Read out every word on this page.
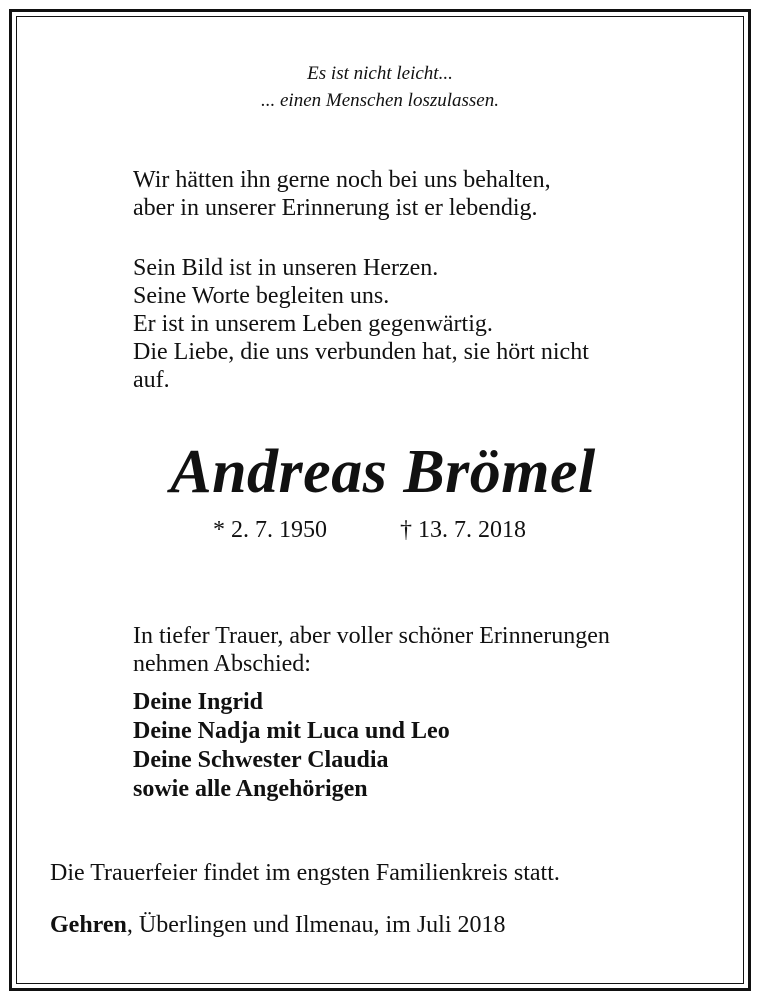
Es ist nicht leicht...
... einen Menschen loszulassen.
Wir hätten ihn gerne noch bei uns behalten,
aber in unserer Erinnerung ist er lebendig.
Sein Bild ist in unseren Herzen.
Seine Worte begleiten uns.
Er ist in unserem Leben gegenwärtig.
Die Liebe, die uns verbunden hat, sie hört nicht
auf.
Andreas Brömel
* 2. 7. 1950	† 13. 7. 2018
In tiefer Trauer, aber voller schöner Erinnerungen
nehmen Abschied:
Deine Ingrid
Deine Nadja mit Luca und Leo
Deine Schwester Claudia
sowie alle Angehörigen
Die Trauerfeier findet im engsten Familienkreis statt.
Gehren, Überlingen und Ilmenau, im Juli 2018
